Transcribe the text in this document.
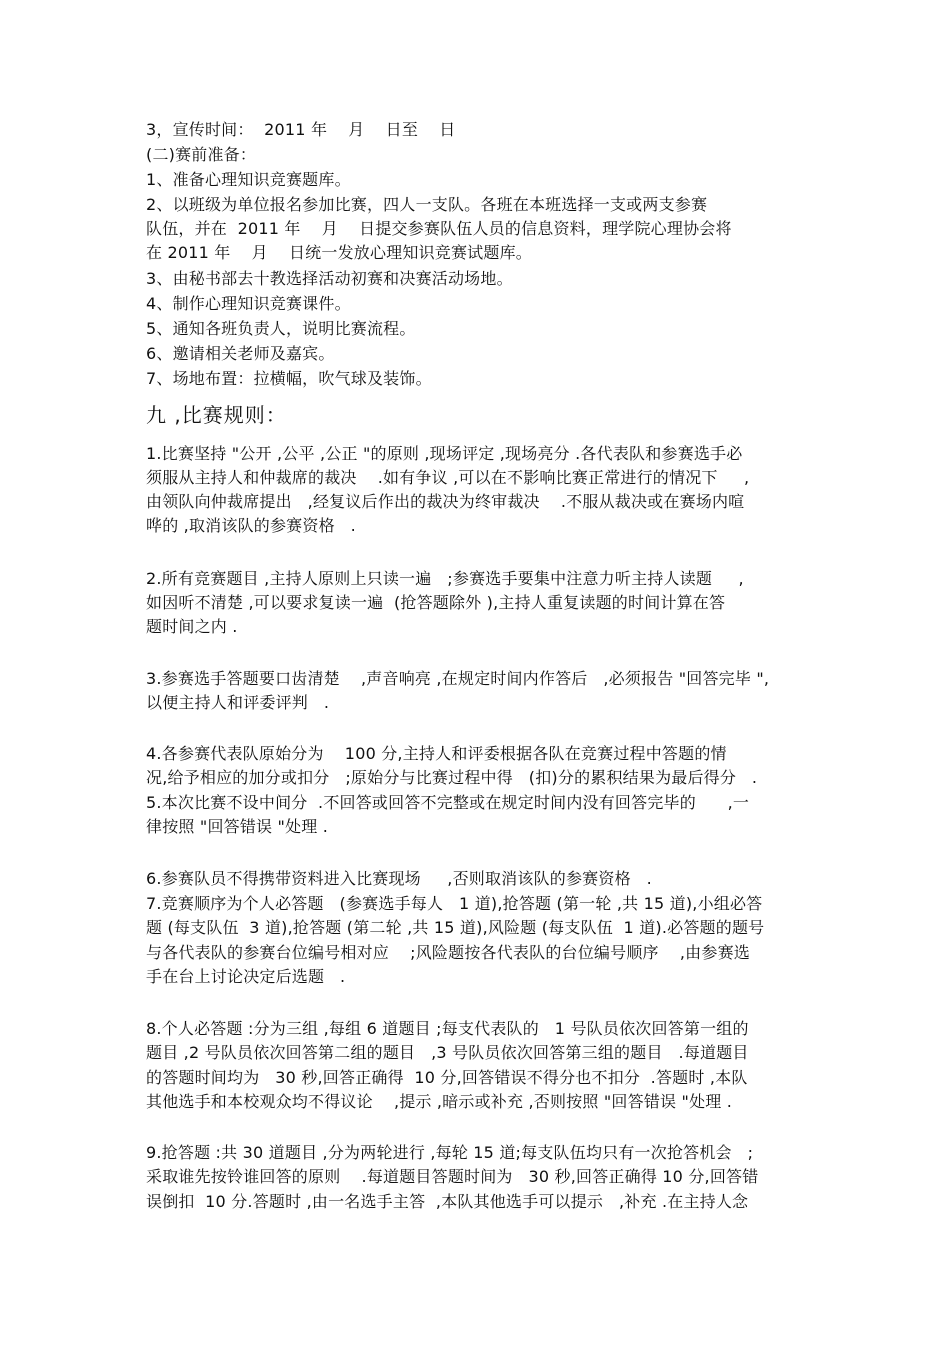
3，宣传时间：  2011 年    月    日至    日
(二)赛前准备：
1、准备心理知识竞赛题库。
2、以班级为单位报名参加比赛，四人一支队。各班在本班选择一支或两支参赛
队伍，并在  2011 年    月    日提交参赛队伍人员的信息资料，理学院心理协会将
在 2011 年    月    日统一发放心理知识竞赛试题库。
3、由秘书部去十教选择活动初赛和决赛活动场地。
4、制作心理知识竞赛课件。
5、通知各班负责人，说明比赛流程。
6、邀请相关老师及嘉宾。
7、场地布置：拉横幅，吹气球及装饰。
九 ,比赛规则：
1.比赛坚持 "公开 ,公平 ,公正 "的原则 ,现场评定 ,现场亮分 .各代表队和参赛选手必
须服从主持人和仲裁席的裁决    .如有争议 ,可以在不影响比赛正常进行的情况下     ,
由领队向仲裁席提出   ,经复议后作出的裁决为终审裁决    .不服从裁决或在赛场内喧
哗的 ,取消该队的参赛资格   .
2.所有竞赛题目 ,主持人原则上只读一遍   ;参赛选手要集中注意力听主持人读题     ,
如因听不清楚 ,可以要求复读一遍  (抢答题除外 ),主持人重复读题的时间计算在答
题时间之内 .
3.参赛选手答题要口齿清楚    ,声音响亮 ,在规定时间内作答后   ,必须报告 "回答完毕 ",
以便主持人和评委评判   .
4.各参赛代表队原始分为    100 分,主持人和评委根据各队在竞赛过程中答题的情
况,给予相应的加分或扣分   ;原始分与比赛过程中得   (扣)分的累积结果为最后得分   .
5.本次比赛不设中间分  .不回答或回答不完整或在规定时间内没有回答完毕的      ,一
律按照 "回答错误 "处理 .
6.参赛队员不得携带资料进入比赛现场     ,否则取消该队的参赛资格   .
7.竞赛顺序为个人必答题   (参赛选手每人   1 道),抢答题 (第一轮 ,共 15 道),小组必答
题 (每支队伍  3 道),抢答题 (第二轮 ,共 15 道),风险题 (每支队伍  1 道).必答题的题号
与各代表队的参赛台位编号相对应    ;风险题按各代表队的台位编号顺序    ,由参赛选
手在台上讨论决定后选题   .
8.个人必答题 :分为三组 ,每组 6 道题目 ;每支代表队的   1 号队员依次回答第一组的
题目 ,2 号队员依次回答第二组的题目   ,3 号队员依次回答第三组的题目   .每道题目
的答题时间均为   30 秒,回答正确得  10 分,回答错误不得分也不扣分  .答题时 ,本队
其他选手和本校观众均不得议论    ,提示 ,暗示或补充 ,否则按照 "回答错误 "处理 .
9.抢答题 :共 30 道题目 ,分为两轮进行 ,每轮 15 道;每支队伍均只有一次抢答机会   ;
采取谁先按铃谁回答的原则    .每道题目答题时间为   30 秒,回答正确得 10 分,回答错
误倒扣  10 分.答题时 ,由一名选手主答  ,本队其他选手可以提示   ,补充 .在主持人念
